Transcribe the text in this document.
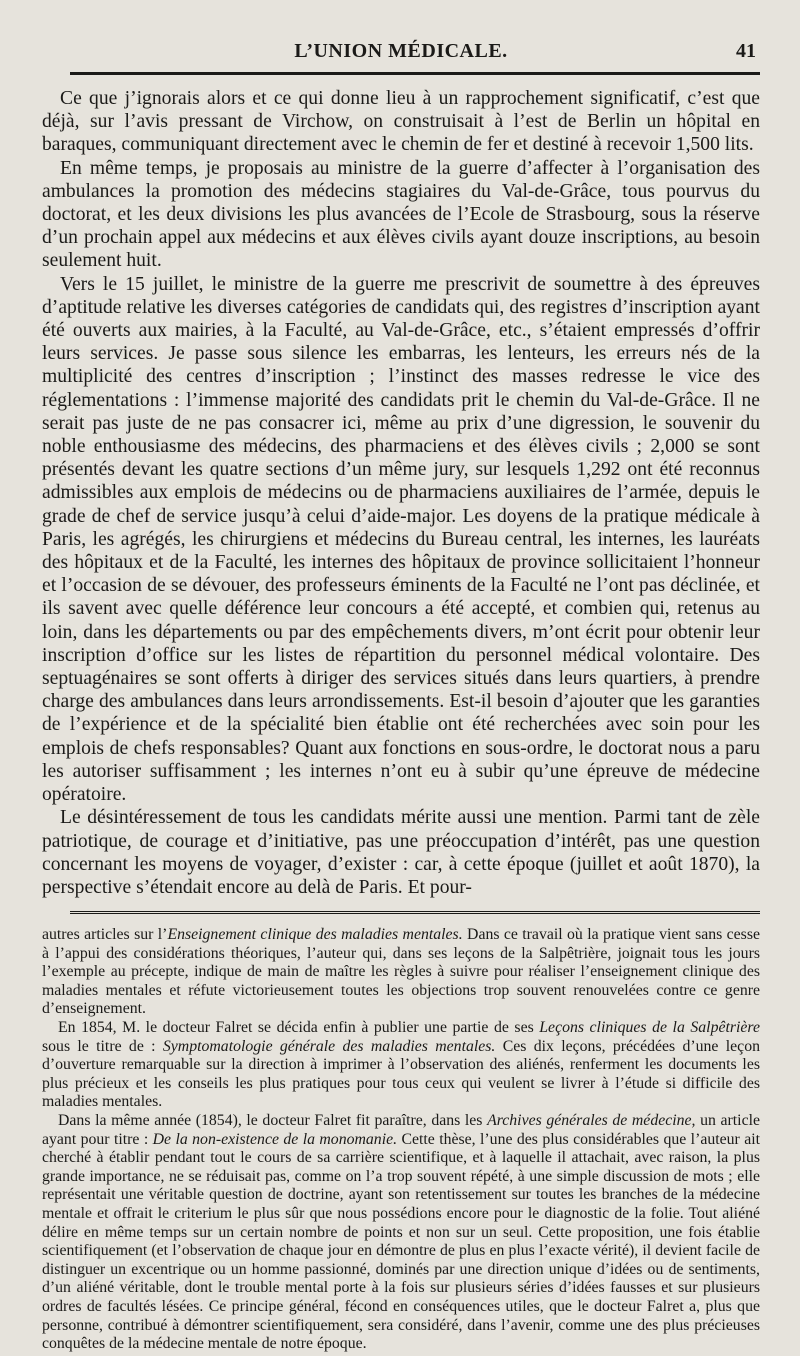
L’UNION MÉDICALE.	41

Ce que j’ignorais alors et ce qui donne lieu à un rapprochement significatif, c’est que déjà, sur l’avis pressant de Virchow, on construisait à l’est de Berlin un hôpital en baraques, communiquant directement avec le chemin de fer et destiné à recevoir 1,500 lits.

En même temps, je proposais au ministre de la guerre d’affecter à l’organisation des ambulances la promotion des médecins stagiaires du Val-de-Grâce, tous pourvus du doctorat, et les deux divisions les plus avancées de l’Ecole de Strasbourg, sous la réserve d’un prochain appel aux médecins et aux élèves civils ayant douze inscriptions, au besoin seulement huit.

Vers le 15 juillet, le ministre de la guerre me prescrivit de soumettre à des épreuves d’aptitude relative les diverses catégories de candidats qui, des registres d’inscription ayant été ouverts aux mairies, à la Faculté, au Val-de-Grâce, etc., s’étaient empressés d’offrir leurs services. Je passe sous silence les embarras, les lenteurs, les erreurs nés de la multiplicité des centres d’inscription ; l’instinct des masses redresse le vice des réglementations : l’immense majorité des candidats prit le chemin du Val-de-Grâce. Il ne serait pas juste de ne pas consacrer ici, même au prix d’une digression, le souvenir du noble enthousiasme des médecins, des pharmaciens et des élèves civils ; 2,000 se sont présentés devant les quatre sections d’un même jury, sur lesquels 1,292 ont été reconnus admissibles aux emplois de médecins ou de pharmaciens auxiliaires de l’armée, depuis le grade de chef de service jusqu’à celui d’aide-major. Les doyens de la pratique médicale à Paris, les agrégés, les chirurgiens et médecins du Bureau central, les internes, les lauréats des hôpitaux et de la Faculté, les internes des hôpitaux de province sollicitaient l’honneur et l’occasion de se dévouer, des professeurs éminents de la Faculté ne l’ont pas déclinée, et ils savent avec quelle déférence leur concours a été accepté, et combien qui, retenus au loin, dans les départements ou par des empêchements divers, m’ont écrit pour obtenir leur inscription d’office sur les listes de répartition du personnel médical volontaire. Des septuagénaires se sont offerts à diriger des services situés dans leurs quartiers, à prendre charge des ambulances dans leurs arrondissements. Est-il besoin d’ajouter que les garanties de l’expérience et de la spécialité bien établie ont été recherchées avec soin pour les emplois de chefs responsables? Quant aux fonctions en sous-ordre, le doctorat nous a paru les autoriser suffisamment ; les internes n’ont eu à subir qu’une épreuve de médecine opératoire.

Le désintéressement de tous les candidats mérite aussi une mention. Parmi tant de zèle patriotique, de courage et d’initiative, pas une préoccupation d’intérêt, pas une question concernant les moyens de voyager, d’exister : car, à cette époque (juillet et août 1870), la perspective s’étendait encore au delà de Paris. Et pour-

autres articles sur l’Enseignement clinique des maladies mentales. Dans ce travail où la pratique vient sans cesse à l’appui des considérations théoriques, l’auteur qui, dans ses leçons de la Salpêtrière, joignait tous les jours l’exemple au précepte, indique de main de maître les règles à suivre pour réaliser l’enseignement clinique des maladies mentales et réfute victorieusement toutes les objections trop souvent renouvelées contre ce genre d’enseignement.

En 1854, M. le docteur Falret se décida enfin à publier une partie de ses Leçons cliniques de la Salpêtrière sous le titre de : Symptomatologie générale des maladies mentales. Ces dix leçons, précédées d’une leçon d’ouverture remarquable sur la direction à imprimer à l’observation des aliénés, renferment les documents les plus précieux et les conseils les plus pratiques pour tous ceux qui veulent se livrer à l’étude si difficile des maladies mentales.

Dans la même année (1854), le docteur Falret fit paraître, dans les Archives générales de médecine, un article ayant pour titre : De la non-existence de la monomanie. Cette thèse, l’une des plus considérables que l’auteur ait cherché à établir pendant tout le cours de sa carrière scientifique, et à laquelle il attachait, avec raison, la plus grande importance, ne se réduisait pas, comme on l’a trop souvent répété, à une simple discussion de mots ; elle représentait une véritable question de doctrine, ayant son retentissement sur toutes les branches de la médecine mentale et offrait le criterium le plus sûr que nous possédions encore pour le diagnostic de la folie. Tout aliéné délire en même temps sur un certain nombre de points et non sur un seul. Cette proposition, une fois établie scientifiquement (et l’observation de chaque jour en démontre de plus en plus l’exacte vérité), il devient facile de distinguer un excentrique ou un homme passionné, dominés par une direction unique d’idées ou de sentiments, d’un aliéné véritable, dont le trouble mental porte à la fois sur plusieurs séries d’idées fausses et sur plusieurs ordres de facultés lésées. Ce principe général, fécond en conséquences utiles, que le docteur Falret a, plus que personne, contribué à démontrer scientifiquement, sera considéré, dans l’avenir, comme une des plus précieuses conquêtes de la médecine mentale de notre époque.
